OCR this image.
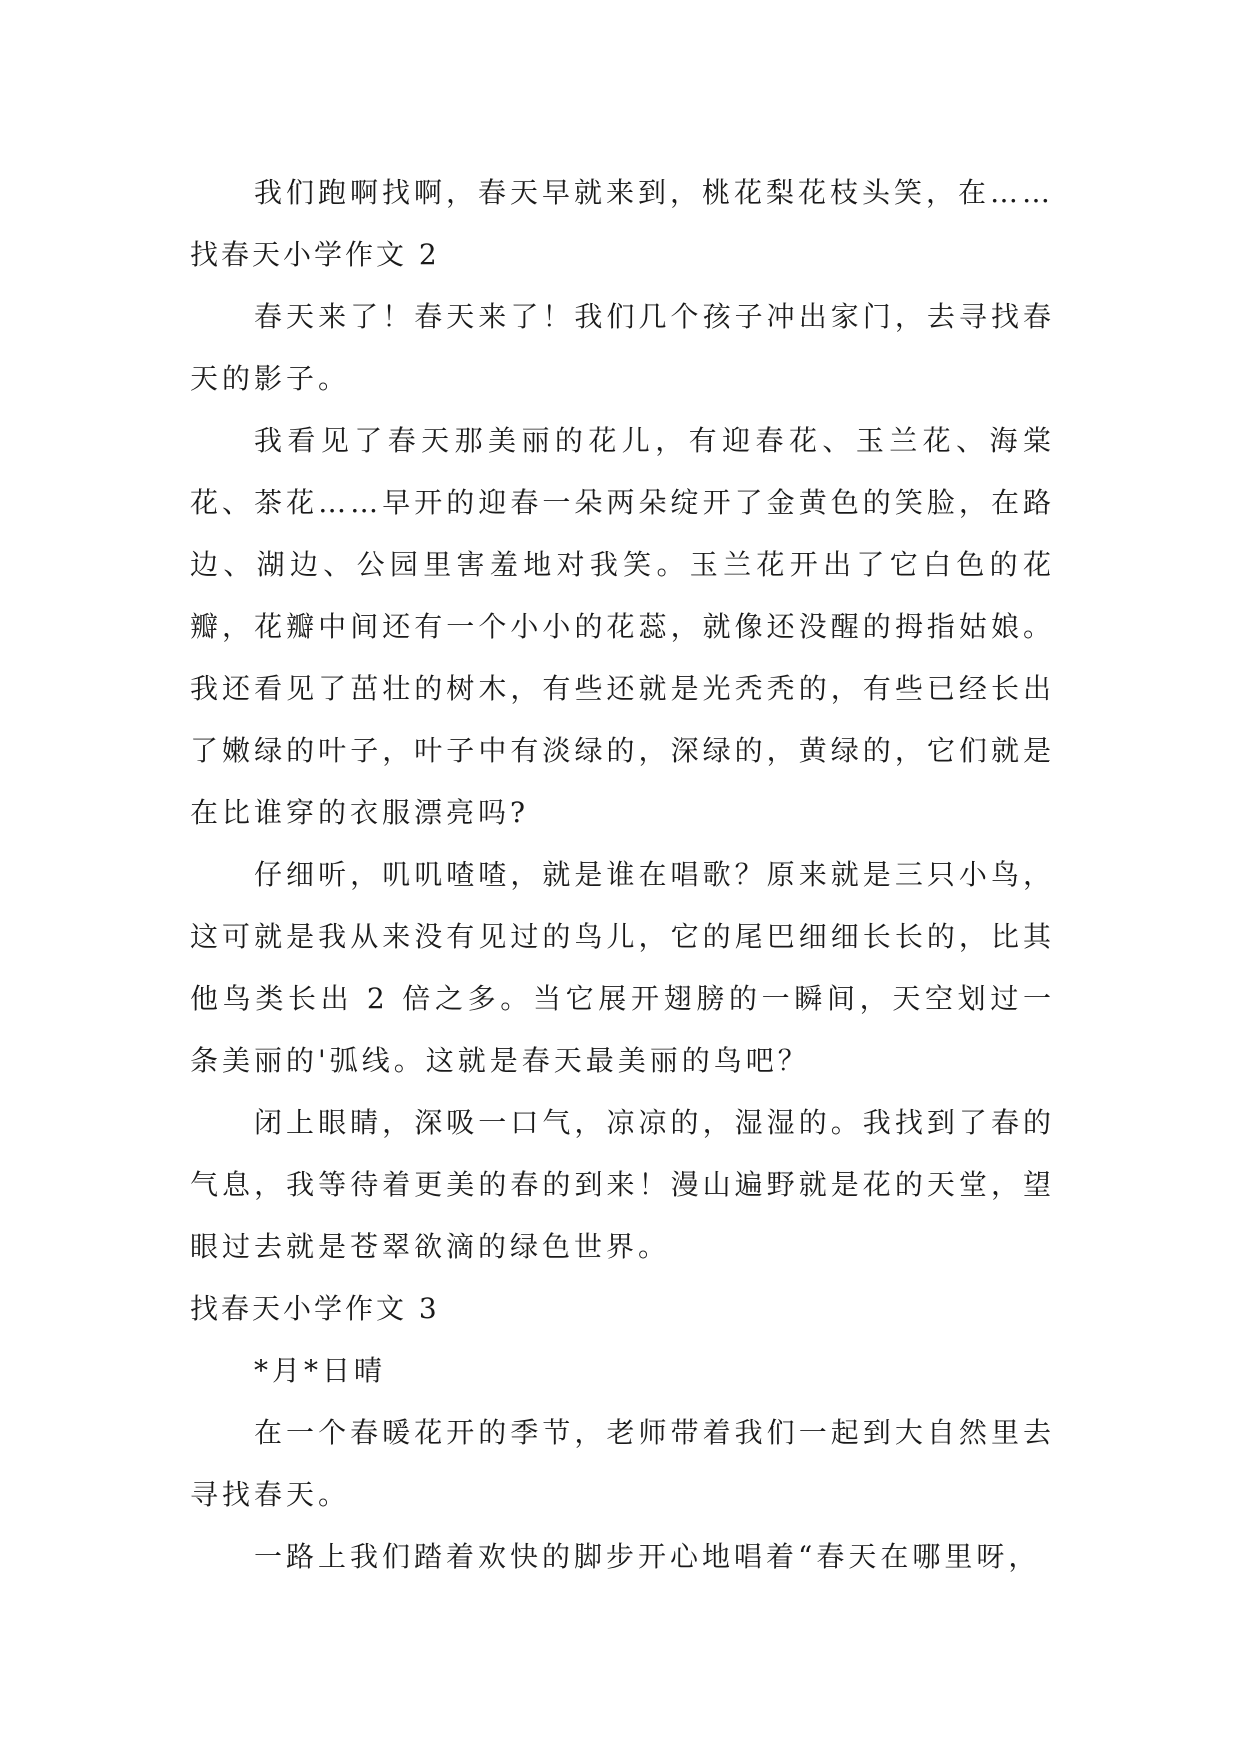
我们跑啊找啊，春天早就来到，桃花梨花枝头笑，在……

找春天小学作文 2

春天来了！春天来了！我们几个孩子冲出家门，去寻找春天的影子。

我看见了春天那美丽的花儿，有迎春花、玉兰花、海棠花、茶花……早开的迎春一朵两朵绽开了金黄色的笑脸，在路边、湖边、公园里害羞地对我笑。玉兰花开出了它白色的花瓣，花瓣中间还有一个小小的花蕊，就像还没醒的拇指姑娘。我还看见了茁壮的树木，有些还就是光秃秃的，有些已经长出了嫩绿的叶子，叶子中有淡绿的，深绿的，黄绿的，它们就是在比谁穿的衣服漂亮吗?

仔细听，叽叽喳喳，就是谁在唱歌？原来就是三只小鸟，这可就是我从来没有见过的鸟儿，它的尾巴细细长长的，比其他鸟类长出 2 倍之多。当它展开翅膀的一瞬间，天空划过一条美丽的'弧线。这就是春天最美丽的鸟吧？

闭上眼睛，深吸一口气，凉凉的，湿湿的。我找到了春的气息，我等待着更美的春的到来！漫山遍野就是花的天堂，望眼过去就是苍翠欲滴的绿色世界。

找春天小学作文 3

*月*日晴

在一个春暖花开的季节，老师带着我们一起到大自然里去寻找春天。

一路上我们踏着欢快的脚步开心地唱着“春天在哪里呀，
